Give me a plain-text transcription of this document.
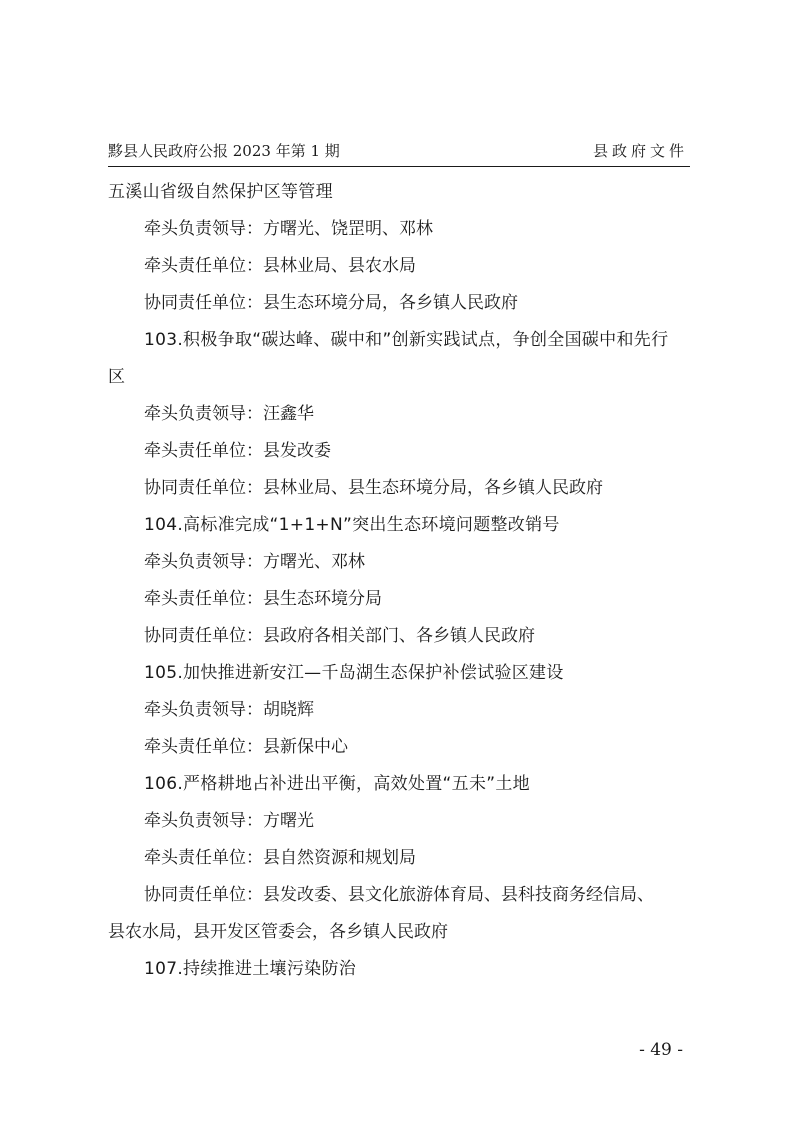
黟县人民政府公报 2023 年第 1 期	县政府文件
五溪山省级自然保护区等管理
牵头负责领导：方曙光、饶罡明、邓林
牵头责任单位：县林业局、县农水局
协同责任单位：县生态环境分局，各乡镇人民政府
103.积极争取“碳达峰、碳中和”创新实践试点，争创全国碳中和先行
区
牵头负责领导：汪鑫华
牵头责任单位：县发改委
协同责任单位：县林业局、县生态环境分局，各乡镇人民政府
104.高标准完成“1+1+N”突出生态环境问题整改销号
牵头负责领导：方曙光、邓林
牵头责任单位：县生态环境分局
协同责任单位：县政府各相关部门、各乡镇人民政府
105.加快推进新安江—千岛湖生态保护补偿试验区建设
牵头负责领导：胡晓辉
牵头责任单位：县新保中心
106.严格耕地占补进出平衡，高效处置“五未”土地
牵头负责领导：方曙光
牵头责任单位：县自然资源和规划局
协同责任单位：县发改委、县文化旅游体育局、县科技商务经信局、
县农水局，县开发区管委会，各乡镇人民政府
107.持续推进土壤污染防治
- 49 -
